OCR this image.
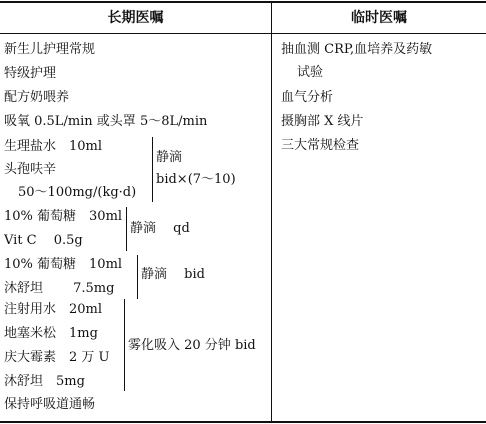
长期医嘱	临时医嘱
新生儿护理常规
特级护理
配方奶喂养
吸氧 0.5L/min 或头罩 5～8L/min
生理盐水　10ml
头孢呋辛
50～100mg/(kg·d)
静滴
bid×(7～10)
10% 葡萄糖　30ml
Vit C　 0.5g
静滴　 qd
10% 葡萄糖　10ml
沐舒坦　　 7.5mg
静滴　 bid
注射用水　20ml
地塞米松　1mg
庆大霉素　2 万 U
沐舒坦　5mg
雾化吸入 20 分钟 bid
保持呼吸道通畅
抽血测 CRP,血培养及药敏
试验
血气分析
摄胸部 X 线片
三大常规检查
